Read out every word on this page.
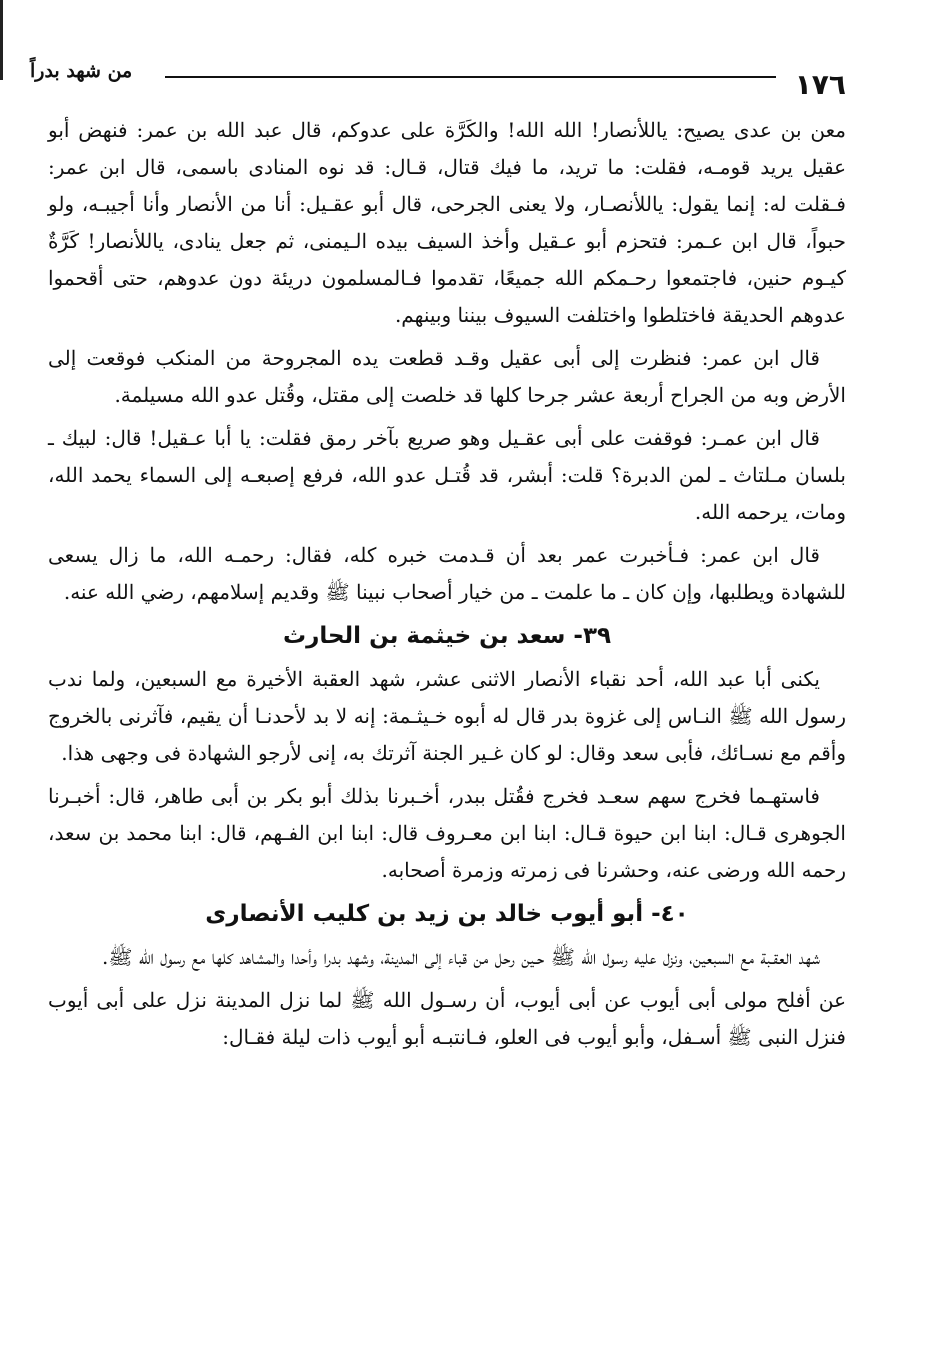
١٧٦
من شهد بدراً

معن بن عدى يصيح: ياللأنصار! الله الله! والكَرَّة على عدوكم، قال عبد الله بن عمر: فنهض أبو عقيل يريد قومـه، فقلت: ما تريد، ما فيك قتال، قـال: قد نوه المنادى باسمى، قال ابن عمر: فـقلت له: إنما يقول: ياللأنصـار، ولا يعنى الجرحى، قال أبو عقـيل: أنا من الأنصار وأنا أجيبـه، ولو حبواً، قال ابن عـمر: فتحزم أبو عـقيل وأخذ السيف بيده الـيمنى، ثم جعل ينادى، ياللأنصار! كَرَّةٌ كيـوم حنين، فاجتمعوا رحـمكم الله جميعًا، تقدموا فـالمسلمون دريئة دون عدوهم، حتى أقحموا عدوهم الحديقة فاختلطوا واختلفت السيوف بيننا وبينهم.

قال ابن عمر: فنظرت إلى أبى عقيل وقـد قطعت يده المجروحة من المنكب فوقعت إلى الأرض وبه من الجراح أربعة عشر جرحا كلها قد خلصت إلى مقتل، وقُتل عدو الله مسيلمة.

قال ابن عمـر: فوقفت على أبى عقـيل وهو صريع بآخر رمق فقلت: يا أبا عـقيل! قال: لبيك ـ بلسان مـلتاث ـ لمن الدبرة؟ قلت: أبشر، قد قُتـل عدو الله، فرفع إصبعـه إلى السماء يحمد الله، ومات، يرحمه الله.

قال ابن عمر: فـأخبرت عمر بعد أن قـدمت خبره كله، فقال: رحمـه الله، ما زال يسعى للشهادة ويطلبها، وإن كان ـ ما علمت ـ من خيار أصحاب نبينا ﷺ وقديم إسلامهم، رضي الله عنه.

٣٩- سعد بن خيثمة بن الحارث

يكنى أبا عبد الله، أحد نقباء الأنصار الاثنى عشر، شهد العقبة الأخيرة مع السبعين، ولما ندب رسول الله ﷺ النـاس إلى غزوة بدر قال له أبوه خـيثـمة: إنه لا بد لأحدنـا أن يقيم، فآثرنى بالخروج وأقم مع نسـائك، فأبى سعد وقال: لو كان غـير الجنة آثرتك به، إنى لأرجو الشهادة فى وجهى هذا.

فاستهـما فخرج سهم سعـد فخرج فقُتل ببدر، أخـبرنا بذلك أبو بكر بن أبى طاهر، قال: أخبـرنا الجوهرى قـال: ابنا ابن حيوة قـال: ابنا ابن معـروف قال: ابنا ابن الفـهم، قال: ابنا محمد بن سعد، رحمه الله ورضى عنه، وحشرنا فى زمرته وزمرة أصحابه.

٤٠- أبو أيوب خالد بن زيد بن كليب الأنصارى

شهد العقـبة مع السبعين، ونزل عليه رسول الله ﷺ حـين رحل من قباء إلى المدينة، وشهد بدرا وأحدا والمشاهد كلها مع رسول الله ﷺ.

عن أفلح مولى أبى أيوب عن أبى أيوب، أن رسـول الله ﷺ لما نزل المدينة نزل على أبى أيوب فنزل النبى ﷺ أسـفل، وأبو أيوب فى العلو، فـانتبـه أبو أيوب ذات ليلة فقـال:
